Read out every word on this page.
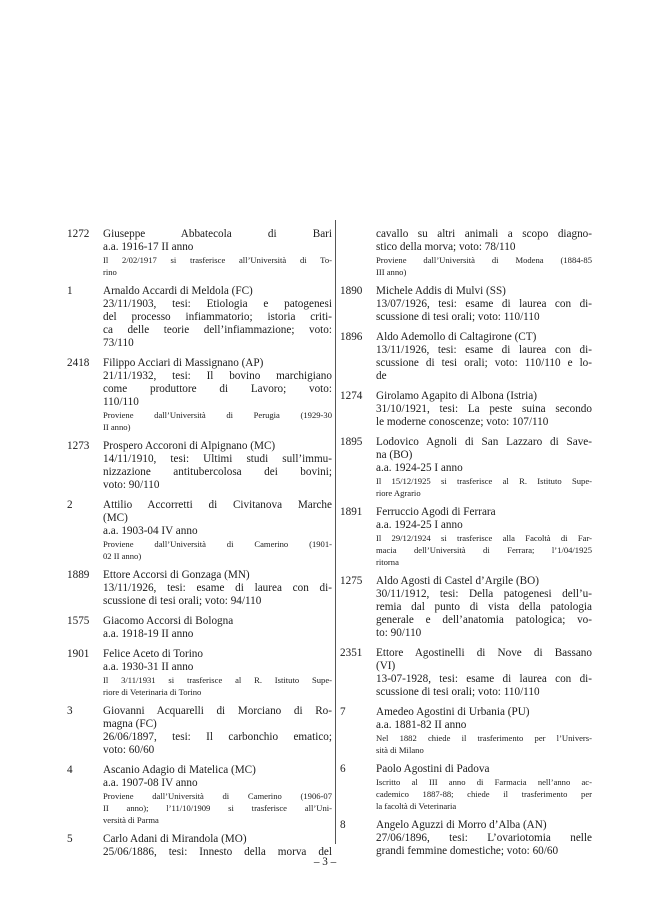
1272 Giuseppe Abbatecola di Bari
a.a. 1916-17 II anno
Il 2/02/1917 si trasferisce all’Università di To-
rino
1	Arnaldo Accardi di Meldola (FC)
23/11/1903, tesi: Etiologia e patogenesi
del processo infiammatorio; istoria criti-
ca delle teorie dell’infiammazione; voto:
73/110
2418 Filippo Acciari di Massignano (AP)
21/11/1932, tesi: Il bovino marchigiano
come produttore di Lavoro; voto:
110/110
Proviene dall’Università di Perugia (1929-30
II anno)
1273 Prospero Accoroni di Alpignano (MC)
14/11/1910, tesi: Ultimi studi sull’immu-
nizzazione antitubercolosa dei bovini;
voto: 90/110
2	Attilio Accorretti di Civitanova Marche
(MC)
a.a. 1903-04 IV anno
Proviene dall’Università di Camerino (1901-
02 II anno)
1889 Ettore Accorsi di Gonzaga (MN)
13/11/1926, tesi: esame di laurea con di-
scussione di tesi orali; voto: 94/110
1575 Giacomo Accorsi di Bologna
a.a. 1918-19 II anno
1901 Felice Aceto di Torino
a.a. 1930-31 II anno
Il 3/11/1931 si trasferisce al R. Istituto Supe-
riore di Veterinaria di Torino
3	Giovanni Acquarelli di Morciano di Ro-
magna (FC)
26/06/1897, tesi: Il carbonchio ematico;
voto: 60/60
4	Ascanio Adagio di Matelica (MC)
a.a. 1907-08 IV anno
Proviene dall’Università di Camerino (1906-07
II anno); l’11/10/1909 si trasferisce all’Uni-
versità di Parma
5	Carlo Adani di Mirandola (MO)
25/06/1886, tesi: Innesto della morva del
cavallo su altri animali a scopo diagno-
stico della morva; voto: 78/110
Proviene dall’Università di Modena (1884-85
III anno)
1890 Michele Addis di Mulvi (SS)
13/07/1926, tesi: esame di laurea con di-
scussione di tesi orali; voto: 110/110
1896 Aldo Ademollo di Caltagirone (CT)
13/11/1926, tesi: esame di laurea con di-
scussione di tesi orali; voto: 110/110 e lo-
de
1274 Girolamo Agapito di Albona (Istria)
31/10/1921, tesi: La peste suina secondo
le moderne conoscenze; voto: 107/110
1895 Lodovico Agnoli di San Lazzaro di Save-
na (BO)
a.a. 1924-25 I anno
Il 15/12/1925 si trasferisce al R. Istituto Supe-
riore Agrario
1891 Ferruccio Agodi di Ferrara
a.a. 1924-25 I anno
Il 29/12/1924 si trasferisce alla Facoltà di Far-
macia dell’Università di Ferrara; l’1/04/1925
ritorna
1275 Aldo Agosti di Castel d’Argile (BO)
30/11/1912, tesi: Della patogenesi dell’u-
remia dal punto di vista della patologia
generale e dell’anatomia patologica; vo-
to: 90/110
2351 Ettore Agostinelli di Nove di Bassano
(VI)
13-07-1928, tesi: esame di laurea con di-
scussione di tesi orali; voto: 110/110
7	Amedeo Agostini di Urbania (PU)
a.a. 1881-82 II anno
Nel 1882 chiede il trasferimento per l’Univers-
sità di Milano
6	Paolo Agostini di Padova
Iscritto al III anno di Farmacia nell’anno ac-
cademico 1887-88; chiede il trasferimento per
la facoltà di Veterinaria
8	Angelo Aguzzi di Morro d’Alba (AN)
27/06/1896, tesi: L’ovariotomia nelle
grandi femmine domestiche; voto: 60/60
– 3 –
